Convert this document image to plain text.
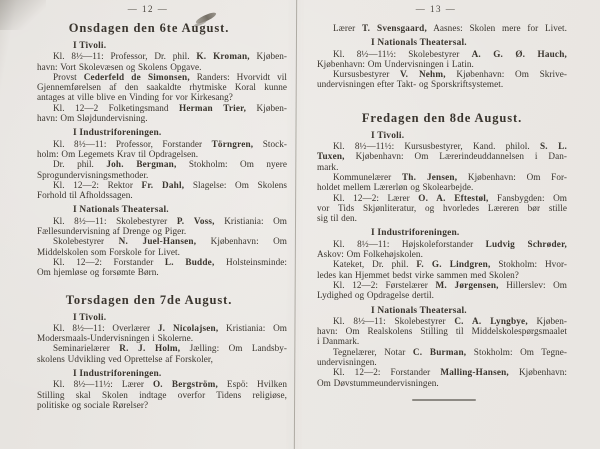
— 12 —
Onsdagen den 6te August.
I Tivoli.
Kl. 8½—11: Professor, Dr. phil. K. Kroman, Kjøben-
havn: Vort Skolevæsen og Skolens Opgave.
Provst Cederfeld de Simonsen, Randers: Hvorvidt vil
Gjennemførelsen af den saakaldte rhytmiske Koral kunne
antages at ville blive en Vinding for vor Kirkesang?
Kl. 12—2 Folketingsmand Herman Trier, Kjøben-
havn: Om Sløjdundervisning.
I Industriforeningen.
Kl. 8½—11: Professor, Forstander Törngren, Stock-
holm: Om Legemets Krav til Opdragelsen.
Dr. phil. Joh. Bergman, Stokholm: Om nyere
Sprogundervisningsmethoder.
Kl. 12—2: Rektor Fr. Dahl, Slagelse: Om Skolens
Forhold til Afholdssagen.
I Nationals Theatersal.
Kl. 8½—11: Skolebestyrer P. Voss, Kristiania: Om
Fællesundervisning af Drenge og Piger.
Skolebestyrer N. Juel-Hansen, Kjøbenhavn: Om
Middelskolen som Forskole for Livet.
Kl. 12—2: Forstander L. Budde, Holsteinsminde:
Om hjemløse og forsømte Børn.
Torsdagen den 7de August.
I Tivoli.
Kl. 8½—11: Overlærer J. Nicolajsen, Kristiania: Om
Modersmaals-Undervisningen i Skolerne.
Seminarielærer R. J. Holm, Jælling: Om Landsby-
skolens Udvikling ved Oprettelse af Forskoler,
I Industriforeningen.
Kl. 8½—11½: Lærer O. Bergström, Espö: Hvilken
Stilling skal Skolen indtage overfor Tidens religiøse,
politiske og sociale Rørelser?
— 13 —
Lærer T. Svensgaard, Aasnes: Skolen mere for Livet.
I Nationals Theatersal.
Kl. 8½—11½: Skolebestyrer A. G. Ø. Hauch,
Kjøbenhavn: Om Undervisningen i Latin.
Kursusbestyrer V. Nehm, Kjøbenhavn: Om Skrive-
undervisningen efter Takt- og Sporskriftsystemet.
Fredagen den 8de August.
I Tivoli.
Kl. 8½—11½: Kursusbestyrer, Kand. philol. S. L.
Tuxen, Kjøbenhavn: Om Lærerindeuddannelsen i Dan-
mark.
Kommunelærer Th. Jensen, Kjøbenhavn: Om For-
holdet mellem Lærerløn og Skolearbejde.
Kl. 12—2: Lærer O. A. Eftestøl, Fansbygden: Om
vor Tids Skjønliteratur, og hvorledes Læreren bør stille
sig til den.
I Industriforeningen.
Kl. 8½—11: Højskoleforstander Ludvig Schrøder,
Askov: Om Folkehøjskolen.
Kateket, Dr. phil. F. G. Lindgren, Stokholm: Hvor-
ledes kan Hjemmet bedst virke sammen med Skolen?
Kl. 12—2: Førstelærer M. Jørgensen, Hillerslev: Om
Lydighed og Opdragelse dertil.
I Nationals Theatersal.
Kl. 8½—11: Skolebestyrer C. A. Lyngbye, Kjøben-
havn: Om Realskolens Stilling til Middelskolespørgsmaalet
i Danmark.
Tegnelærer, Notar C. Burman, Stokholm: Om Tegne-
undervisningen.
Kl. 12—2: Forstander Malling-Hansen, Kjøbenhavn:
Om Døvstummeundervisningen.
